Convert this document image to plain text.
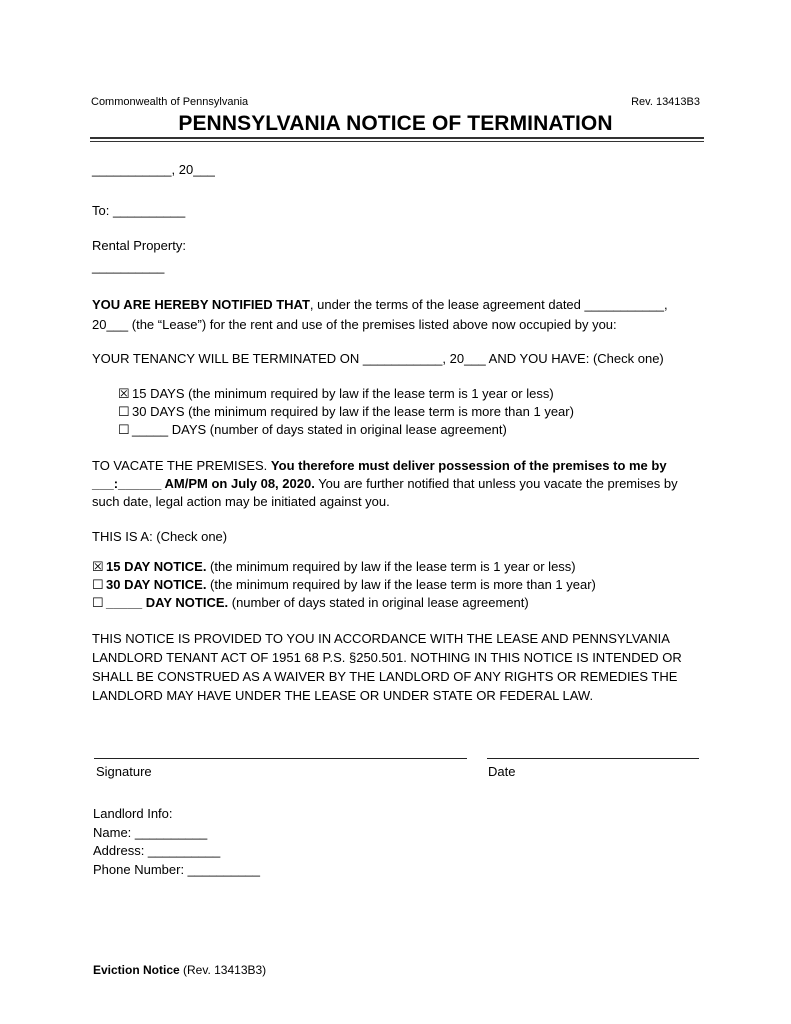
Commonwealth of Pennsylvania	Rev. 13413B3
PENNSYLVANIA NOTICE OF TERMINATION
___________, 20___
To: __________
Rental Property:
__________
YOU ARE HEREBY NOTIFIED THAT, under the terms of the lease agreement dated ___________,
20___ (the “Lease”) for the rent and use of the premises listed above now occupied by you:
YOUR TENANCY WILL BE TERMINATED ON ___________, 20___ AND YOU HAVE: (Check one)
☒ 15 DAYS (the minimum required by law if the lease term is 1 year or less)
☐ 30 DAYS (the minimum required by law if the lease term is more than 1 year)
☐ _____ DAYS (number of days stated in original lease agreement)
TO VACATE THE PREMISES. You therefore must deliver possession of the premises to me by
___:______ AM/PM on July 08, 2020. You are further notified that unless you vacate the premises by
such date, legal action may be initiated against you.
THIS IS A: (Check one)
☒ 15 DAY NOTICE. (the minimum required by law if the lease term is 1 year or less)
☐ 30 DAY NOTICE. (the minimum required by law if the lease term is more than 1 year)
☐ _____ DAY NOTICE. (number of days stated in original lease agreement)
THIS NOTICE IS PROVIDED TO YOU IN ACCORDANCE WITH THE LEASE AND PENNSYLVANIA
LANDLORD TENANT ACT OF 1951 68 P.S. §250.501. NOTHING IN THIS NOTICE IS INTENDED OR
SHALL BE CONSTRUED AS A WAIVER BY THE LANDLORD OF ANY RIGHTS OR REMEDIES THE
LANDLORD MAY HAVE UNDER THE LEASE OR UNDER STATE OR FEDERAL LAW.
Signature	Date
Landlord Info:
Name: __________
Address: __________
Phone Number: __________
Eviction Notice (Rev. 13413B3)
